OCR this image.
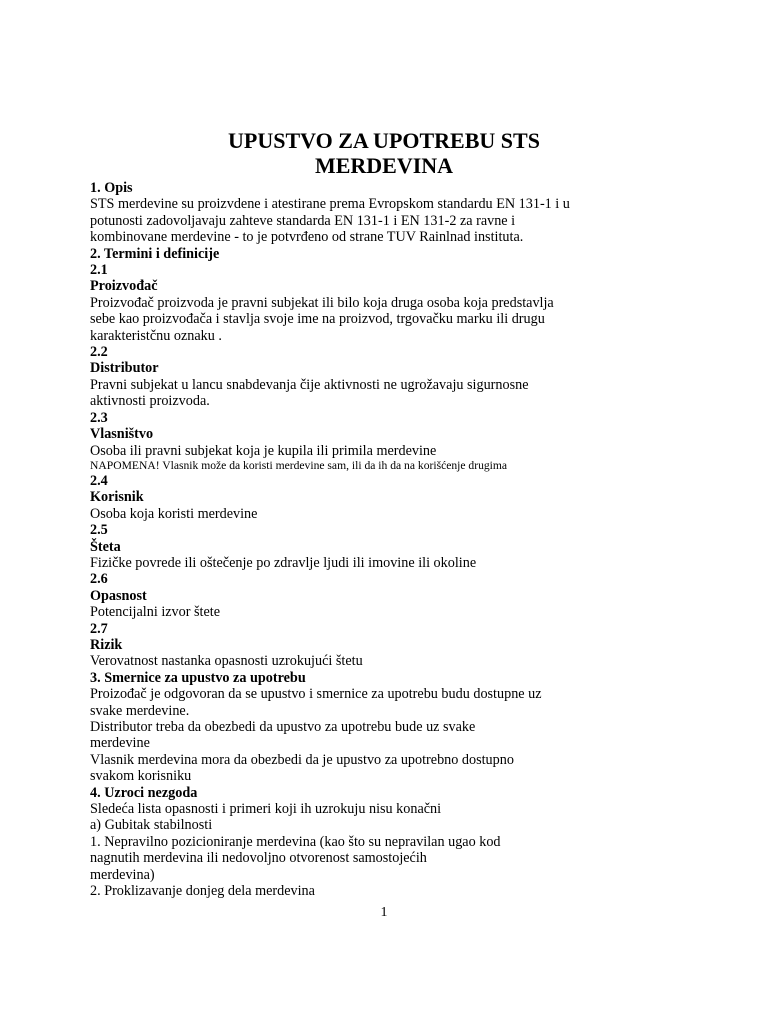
UPUSTVO ZA UPOTREBU STS
MERDEVINA
1. Opis
STS merdevine su proizvdene i atestirane prema Evropskom standardu EN 131-1 i u
potunosti zadovoljavaju zahteve standarda EN 131-1 i EN 131-2 za ravne i
kombinovane merdevine - to je potvrđeno od strane TUV Rainlnad instituta.
2. Termini i definicije
2.1
Proizvođač
Proizvođač proizvoda je pravni subjekat ili bilo koja druga osoba koja predstavlja
sebe kao proizvođača i stavlja svoje ime na proizvod, trgovačku marku ili drugu
karakteristčnu oznaku .
2.2
Distributor
Pravni subjekat u lancu snabdevanja čije aktivnosti ne ugrožavaju sigurnosne
aktivnosti proizvoda.
2.3
Vlasništvo
Osoba ili pravni subjekat koja je kupila ili primila merdevine
NAPOMENA! Vlasnik može da koristi merdevine sam, ili da ih da na korišćenje drugima
2.4
Korisnik
Osoba koja koristi merdevine
2.5
Šteta
Fizičke povrede ili oštečenje po zdravlje ljudi ili imovine ili okoline
2.6
Opasnost
Potencijalni izvor štete
2.7
Rizik
Verovatnost nastanka opasnosti uzrokujući štetu
3. Smernice za upustvo za upotrebu
Proizođač je odgovoran da se upustvo i smernice za upotrebu budu dostupne uz
svake merdevine.
Distributor treba da obezbedi da upustvo za upotrebu bude uz svake
merdevine
Vlasnik merdevina mora da obezbedi da je upustvo za upotrebno dostupno
svakom korisniku
4. Uzroci nezgoda
Sledeća lista opasnosti i primeri koji ih uzrokuju nisu konačni
a) Gubitak stabilnosti
1. Nepravilno pozicioniranje merdevina (kao što su nepravilan ugao kod
nagnutih merdevina ili nedovoljno otvorenost samostojećih
merdevina)
2. Proklizavanje donjeg dela merdevina
1
